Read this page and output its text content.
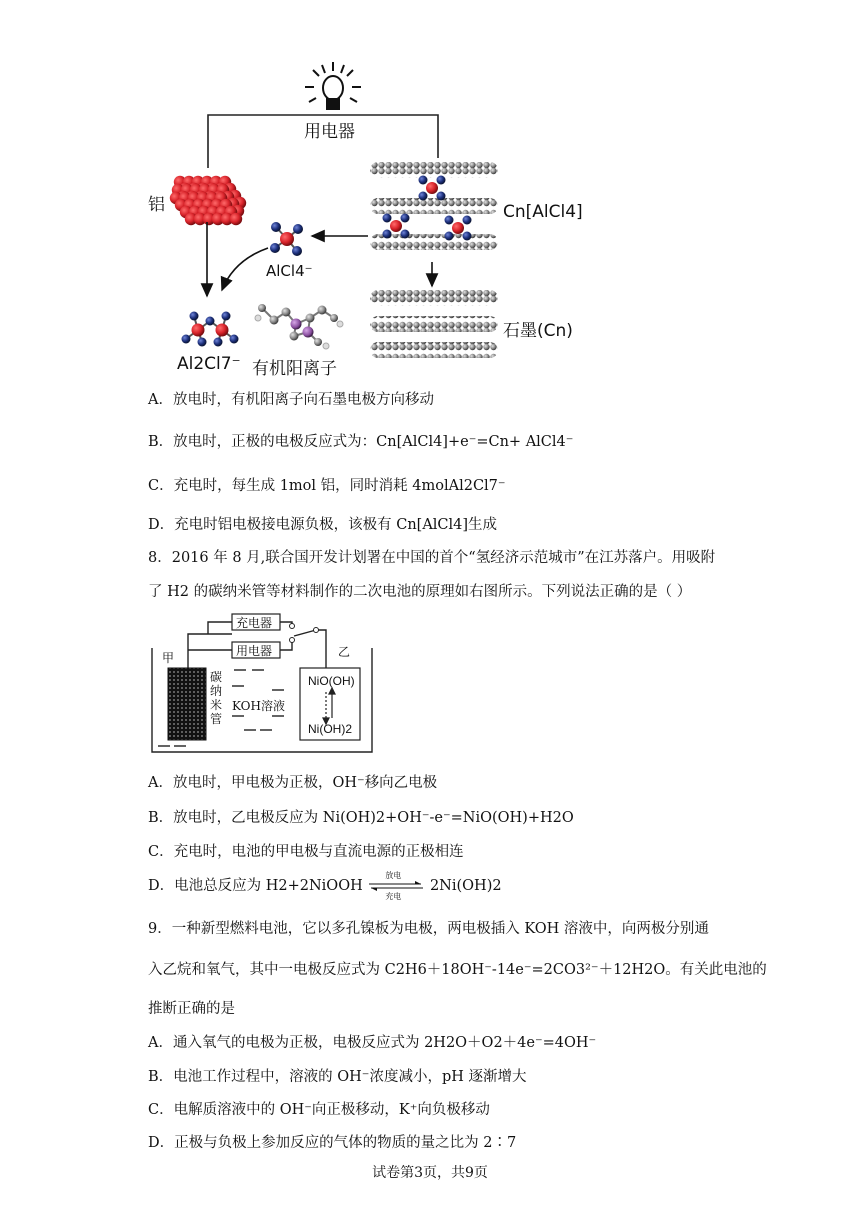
用电器
铝	Cn[AlCl4]
AlCl4⁻
石墨(Cn)
Al2Cl7⁻ 有机阳离子
A．放电时，有机阳离子向石墨电极方向移动
B．放电时，正极的电极反应式为：Cn[AlCl4]+e⁻=Cn+ AlCl4⁻
C．充电时，每生成 1mol 铝，同时消耗 4molAl2Cl7⁻
D．充电时铝电极接电源负极，该极有 Cn[AlCl4]生成
8．2016 年 8 月,联合国开发计划署在中国的首个“氢经济示范城市”在江苏落户。用吸附
了 H2 的碳纳米管等材料制作的二次电池的原理如右图所示。下列说法正确的是（ ）
充电器
用电器
甲	乙
碳纳米管
KOH溶液
NiO(OH)
Ni(OH)2
A．放电时，甲电极为正极，OH⁻移向乙电极
B．放电时，乙电极反应为 Ni(OH)2+OH⁻-e⁻=NiO(OH)+H2O
C．充电时，电池的甲电极与直流电源的正极相连
D．电池总反应为 H2+2NiOOH
放电
充电
2Ni(OH)2
9．一种新型燃料电池，它以多孔镍板为电极，两电极插入 KOH 溶液中，向两极分别通
入乙烷和氧气，其中一电极反应式为 C2H6＋18OH⁻-14e⁻=2CO3²⁻＋12H2O。有关此电池的
推断正确的是
A．通入氧气的电极为正极，电极反应式为 2H2O＋O2＋4e⁻=4OH⁻
B．电池工作过程中，溶液的 OH⁻浓度减小，pH 逐渐增大
C．电解质溶液中的 OH⁻向正极移动，K⁺向负极移动
D．正极与负极上参加反应的气体的物质的量之比为 2∶7
试卷第3页，共9页
